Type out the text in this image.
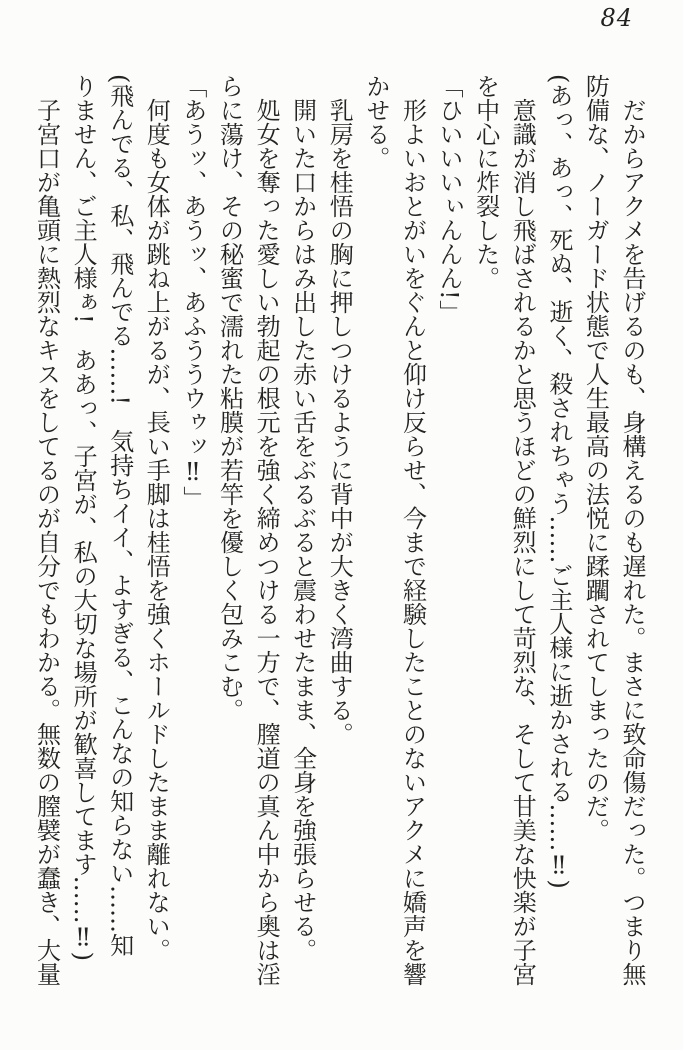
84

　だからアクメを告げるのも、身構えるのも遅れた。まさに致命傷だった。つまり無

防備な、ノーガード状態で人生最高の法悦に蹂躙されてしまったのだ。

(あっ、あっ、死ぬ、逝く、殺されちゃう……ご主人様に逝かされる……‼)

　意識が消し飛ばされるかと思うほどの鮮烈にして苛烈な、そして甘美な快楽が子宮

を中心に炸裂した。

「ひいいいぃんんん!」

　形よいおとがいをぐんと仰け反らせ、今まで経験したことのないアクメに嬌声を響

かせる。

　乳房を桂悟の胸に押しつけるように背中が大きく湾曲する。

　開いた口からはみ出した赤い舌をぶるぶると震わせたまま、全身を強張らせる。

　処女を奪った愛しい勃起の根元を強く締めつける一方で、膣道の真ん中から奥は淫

らに蕩け、その秘蜜で濡れた粘膜が若竿を優しく包みこむ。

「あうッ、あうッ、あふううウゥッ‼」

　何度も女体が跳ね上がるが、長い手脚は桂悟を強くホールドしたまま離れない。

(飛んでる、私、飛んでる……!　気持ちイイ、よすぎる、こんなの知らない……知

りません、ご主人様ぁ!　ああっ、子宮が、私の大切な場所が歓喜してます……‼)

　子宮口が亀頭に熱烈なキスをしてるのが自分でもわかる。無数の膣襞が蠢き、大量
